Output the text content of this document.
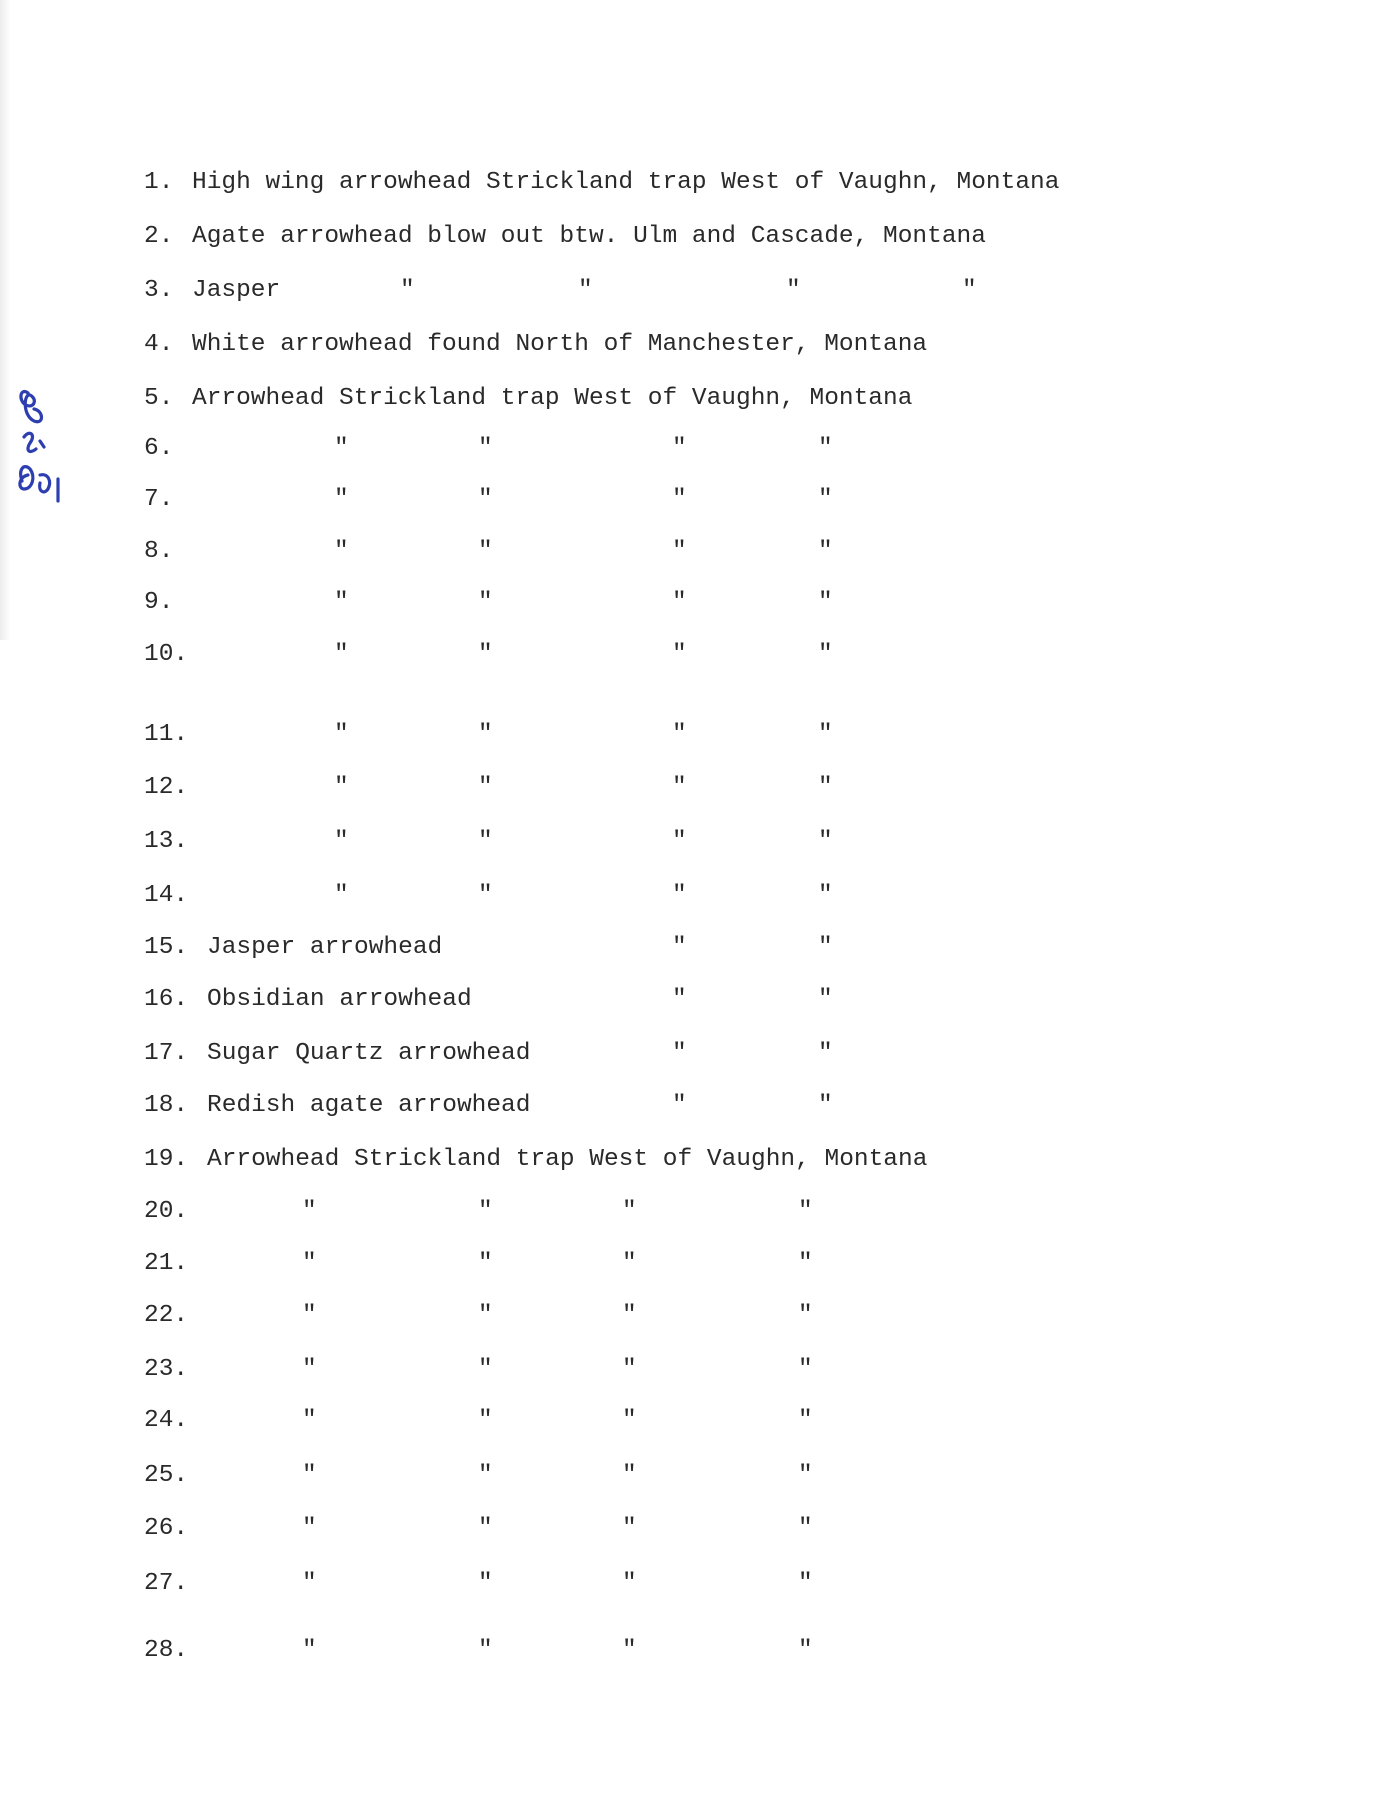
1. High wing arrowhead Strickland trap West of Vaughn, Montana
2. Agate arrowhead blow out btw. Ulm and Cascade, Montana
3. Jasper	"	"	"	"
4. White arrowhead found North of Manchester, Montana
5. Arrowhead Strickland trap West of Vaughn, Montana
6.	"	"	"	"
7.	"	"	"	"
8.	"	"	"	"
9.	"	"	"	"
10.	"	"	"	"
11.	"	"	"	"
12.	"	"	"	"
13.	"	"	"	"
14.	"	"	"	"
15. Jasper arrowhead	"	"
16. Obsidian arrowhead	"	"
17. Sugar Quartz arrowhead	"	"
18. Redish agate arrowhead	"	"
19. Arrowhead Strickland trap West of Vaughn, Montana
20.	"	"	"	"
21.	"	"	"	"
22.	"	"	"	"
23.	"	"	"	"
24.	"	"	"	"
25.	"	"	"	"
26.	"	"	"	"
27.	"	"	"	"
28.	"	"	"	"
